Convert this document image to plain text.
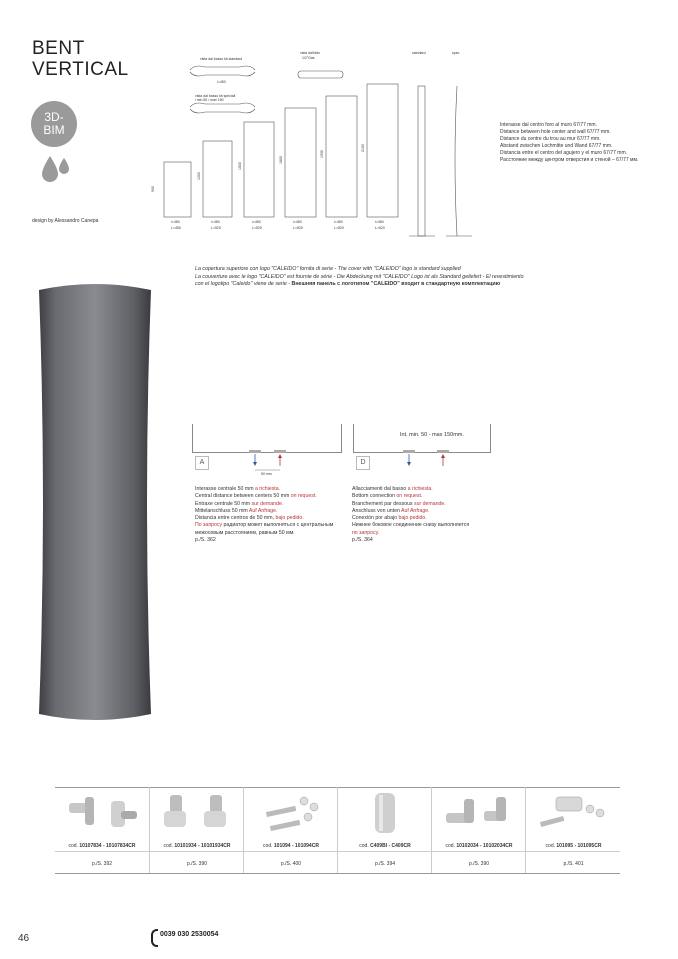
BENT
VERTICAL
3D-
BIM
design by Alessandro Canepa
vista dal basso kit standard
i=450
vista dal basso kit speciali
i min 50 / max 150
vista dall'alto
1/2"Gas
standard	spec
900
1200
1500
1800
1930
2100
i=450	i=450	i=450	i=450	i=450	i=450
L=450	L=520	L=520	L=520	L=520	L=520
Interasse dal centro foro al muro 67/77 mm.
Distance between hole center and wall 67/77 mm.
Distance du centre du trou au mur 67/77 mm.
Abstand zwischen Lochmitte und Wand 67/77 mm.
Distancia entre el centro del agujero y el muro 67/77 mm.
Расстояние между центром отверстия и стеной – 67/77 мм.
La copertura superiore con logo "CALEIDO" fornita di serie - The cover with "CALEIDO" logo is standard supplied
La couverture avec le logo "CALEIDO" est fournie de série - Die Abdeckung mit "CALEIDO" Logo ist als Standard geliefert - El revestimiento
con el logotipo "Caleido" viene de serie - Внешняя панель с логотипом "CALEIDO" входит в стандартную комплектацию
A
50 mm
Interasse centrale 50 mm a richiesta.
Central distance between centers 50 mm on request.
Entraxe centrale 50 mm sur demande.
Mittelanschluss 50 mm Auf Anfrage.
Distancia entre centros de 50 mm, bajo pedido.
По запросу радиатор может выполняться с центральным
межосевым расстоянием, равным 50 мм.
p./S. 362
Int. min. 50 - max 150mm.
D
Allacciamenti dal basso a richiesta.
Bottom connection on request.
Branchement par dessous sur demande.
Anschluss von unten Auf Anfrage.
Conexión por abajo bajo pedido.
Нижнее боковое соединение снизу выполняется
по запросу.
p./S. 364
cod. 10107834 - 10107834CR
p./S. 392
cod. 10101934 - 10101934CR
p./S. 390
cod. 101094 - 101094CR
p./S. 400
cod. C409BI - C409CR
p./S. 394
cod. 10102034 - 10102034CR
p./S. 390
cod. 101095 - 101095CR
p./S. 401
46	0039 030 2530054
